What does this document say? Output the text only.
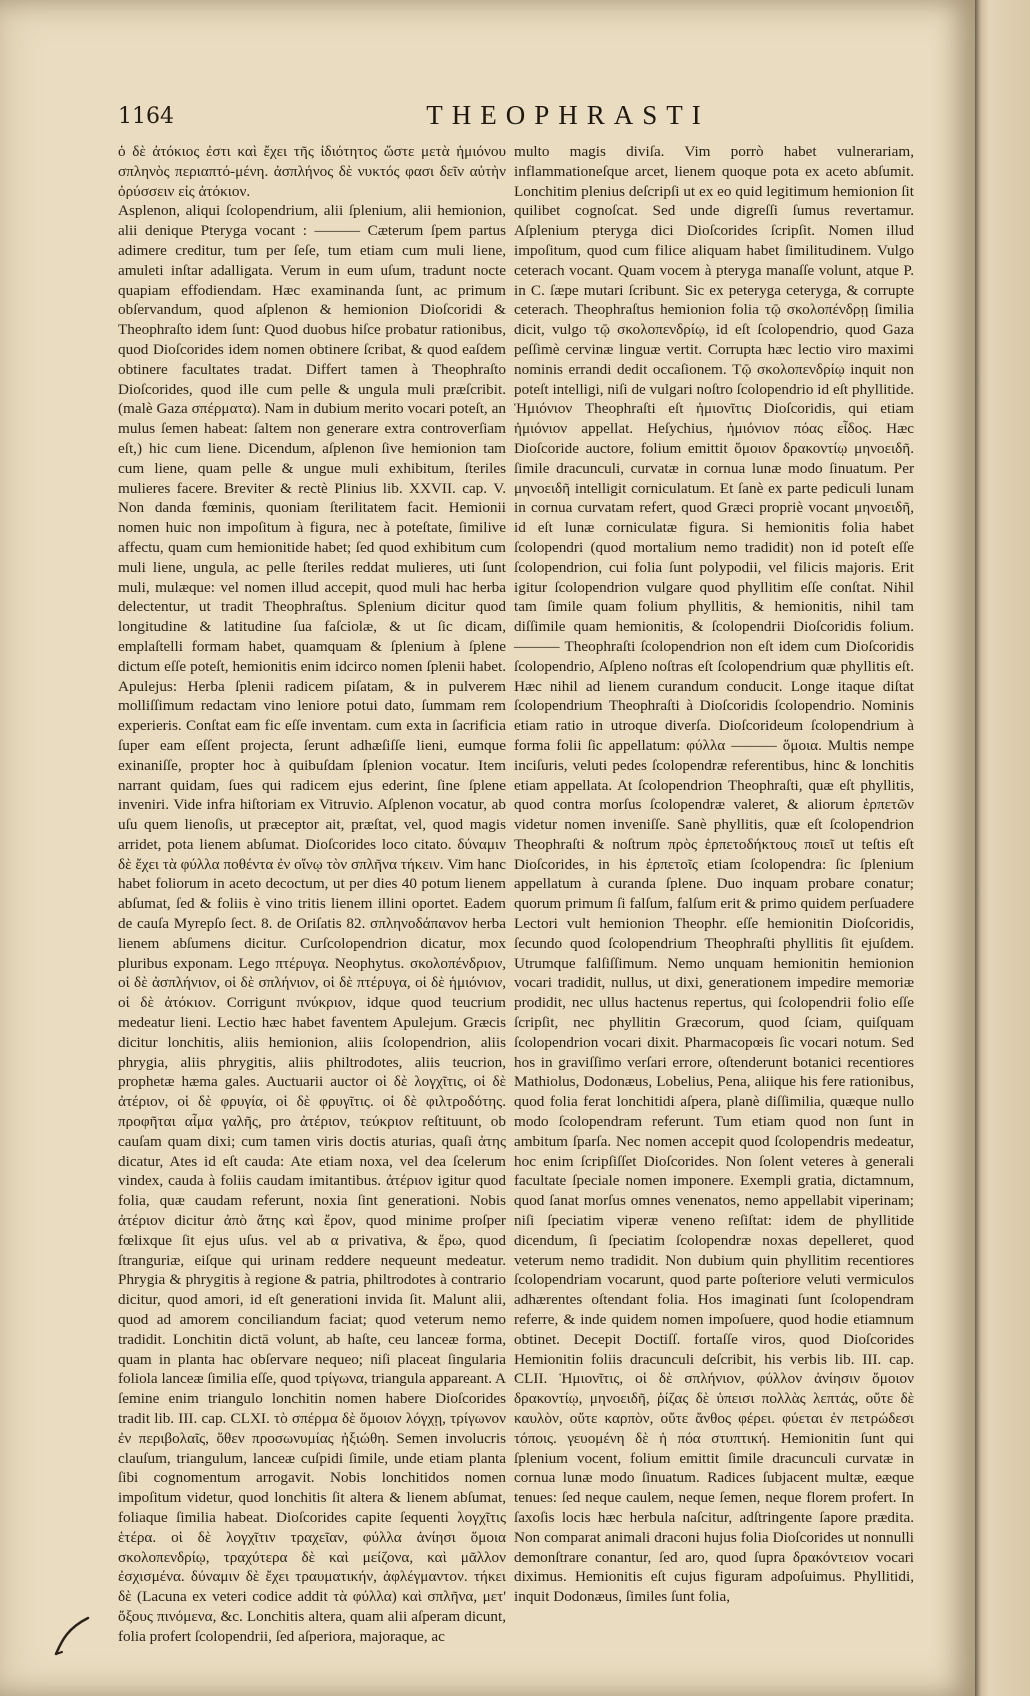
1164	THEOPHRASTI

ὁ δὲ ἀτόκιος ἐστι καὶ ἔχει τῆς ἰδιότητος ὥστε μετὰ ἡμιόνου σπληνὸς περιαπτό-μένη. ἀσπλήνος δὲ νυκτός φασι δεῖν αὐτὴν ὀρύσσειν εἰς ἀτόκιον.

Asplenon, aliqui ſcolopendrium, alii ſplenium, alii hemionion, alii denique Pteryga vocant : ——— Cæterum ſpem partus adimere creditur, tum per ſeſe, tum etiam cum muli liene, amuleti inſtar adalligata. Verum in eum uſum, tradunt nocte quapiam effodiendam. Hæc examinanda ſunt, ac primum obſervandum, quod aſplenon & hemionion Dioſcoridi & Theophraſto idem ſunt: Quod duobus hiſce probatur rationibus, quod Dioſcorides idem nomen obtinere ſcribat, & quod eaſdem obtinere facultates tradat. Differt tamen à Theophraſto Dioſcorides, quod ille cum pelle & ungula muli præſcribit. (malè Gaza σπέρματα). Nam in dubium merito vocari poteſt, an mulus ſemen habeat: ſaltem non generare extra controverſiam eſt,) hic cum liene. Dicendum, aſplenon ſive hemionion tam cum liene, quam pelle & ungue muli exhibitum, ſteriles mulieres facere. Breviter & rectè Plinius lib. XXVII. cap. V. Non danda fœminis, quoniam ſterilitatem facit. Hemionii nomen huic non impoſitum à figura, nec à poteſtate, ſimilive affectu, quam cum hemionitide habet; ſed quod exhibitum cum muli liene, ungula, ac pelle ſteriles reddat mulieres, uti ſunt muli, mulæque: vel nomen illud accepit, quod muli hac herba delectentur, ut tradit Theophraſtus. Splenium dicitur quod longitudine & latitudine ſua faſciolæ, & ut ſic dicam, emplaſtelli formam habet, quamquam & ſplenium à ſplene dictum eſſe poteſt, hemionitis enim idcirco nomen ſplenii habet. Apulejus: Herba ſplenii radicem piſatam, & in pulverem molliſſimum redactam vino leniore potui dato, ſummam rem experieris. Conſtat eam fic eſſe inventam. cum exta in ſacrificia ſuper eam eſſent projecta, ſerunt adhæſiſſe lieni, eumque exinaniſſe, propter hoc à quibuſdam ſplenion vocatur. Item narrant quidam, ſues qui radicem ejus ederint, ſine ſplene inveniri. Vide infra hiſtoriam ex Vitruvio. Aſplenon vocatur, ab uſu quem lienoſis, ut præceptor ait, præſtat, vel, quod magis arridet, pota lienem abſumat. Dioſcorides loco citato. δύναμιν δὲ ἔχει τὰ φύλλα ποθέντα ἐν οἴνῳ τὸν σπλῆνα τήκειν. Vim hanc habet foliorum in aceto decoctum, ut per dies 40 potum lienem abſumat, ſed & foliis è vino tritis lienem illini oportet. Eadem de cauſa Myrepſo ſect. 8. de Oriſatis 82. σπληνοδάπανον herba lienem abſumens dicitur. Curſcolopendrion dicatur, mox pluribus exponam. Lego πτέρυγα. Neophytus. σκολοπένδριον, οἱ δὲ ἀσπλήνιον, οἱ δὲ σπλήνιον, οἱ δὲ πτέρυγα, οἱ δὲ ἡμιόνιον, οἱ δὲ ἀτόκιον. Corrigunt πνύκριον, idque quod teucrium medeatur lieni. Lectio hæc habet faventem Apulejum. Græcis dicitur lonchitis, aliis hemionion, aliis ſcolopendrion, aliis phrygia, aliis phrygitis, aliis philtrodotes, aliis teucrion, prophetæ hæma gales. Auctuarii auctor οἱ δὲ λογχῖτις, οἱ δὲ ἀτέριον, οἱ δὲ φρυγία, οἱ δὲ φρυγῖτις. οἱ δὲ φιλτροδότης. προφῆται αἷμα γαλῆς, pro ἀτέριον, τεύκριον reſtituunt, ob cauſam quam dixi; cum tamen viris doctis aturias, quaſi ἀτης dicatur, Ates id eſt cauda: Ate etiam noxa, vel dea ſcelerum vindex, cauda à foliis caudam imitantibus. ἀτέριον igitur quod folia, quæ caudam referunt, noxia ſint generationi. Nobis ἀτέριον dicitur ἀπὸ ἄτης καὶ ἔρον, quod minime proſper fœlixque ſit ejus uſus. vel ab α privativa, & ἔρω, quod ſtranguriæ, eiſque qui urinam reddere nequeunt medeatur. Phrygia & phrygitis à regione & patria, philtrodotes à contrario dicitur, quod amori, id eſt generationi invida ſit. Malunt alii, quod ad amorem conciliandum faciat; quod veterum nemo tradidit. Lonchitin dictā volunt, ab haſte, ceu lanceæ forma, quam in planta hac obſervare nequeo; niſi placeat ſingularia foliola lanceæ ſimilia eſſe, quod τρίγωνα, triangula appareant. A ſemine enim triangulo lonchitin nomen habere Dioſcorides tradit lib. III. cap. CLXI. τὸ σπέρμα δὲ ὅμοιον λόγχῃ, τρίγωνον ἐν περιβολαῖς, ὅθεν προσωνυμίας ἠξιώθη. Semen involucris clauſum, triangulum, lanceæ cuſpidi ſimile, unde etiam planta ſibi cognomentum arrogavit. Nobis lonchitidos nomen impoſitum videtur, quod lonchitis ſit altera & lienem abſumat, foliaque ſimilia habeat. Dioſcorides capite ſequenti λογχῖτις ἑτέρα. οἱ δὲ λογχῖτιν τραχεῖαν, φύλλα ἀνίησι ὅμοια σκολοπενδρίῳ, τραχύτερα δὲ καὶ μείζονα, καὶ μᾶλλον ἐσχισμένα. δύναμιν δὲ ἔχει τραυματικήν, ἀφλέγμαντον. τήκει δὲ (Lacuna ex veteri codice addit τὰ φύλλα) καὶ σπλῆνα, μετ' ὄξους πινόμενα, &c. Lonchitis altera, quam alii aſperam dicunt, folia profert ſcolopendrii, ſed aſperiora, majoraque, ac

multo magis diviſa. Vim porrò habet vulnerariam, inflammationeſque arcet, lienem quoque pota ex aceto abſumit. Lonchitim plenius deſcripſi ut ex eo quid legitimum hemionion ſit quilibet cognoſcat. Sed unde digreſſi ſumus revertamur. Aſplenium pteryga dici Dioſcorides ſcripſit. Nomen illud impoſitum, quod cum filice aliquam habet ſimilitudinem. Vulgo ceterach vocant. Quam vocem à pteryga manaſſe volunt, atque P. in C. ſæpe mutari ſcribunt. Sic ex peteryga ceteryga, & corrupte ceterach. Theophraſtus hemionion folia τῷ σκολοπένδρῃ ſimilia dicit, vulgo τῷ σκολοπενδρίῳ, id eſt ſcolopendrio, quod Gaza peſſimè cervinæ linguæ vertit. Corrupta hæc lectio viro maximi nominis errandi dedit occaſionem. Τῷ σκολοπενδρίῳ inquit non poteſt intelligi, niſi de vulgari noſtro ſcolopendrio id eſt phyllitide. Ἡμιόνιον Theophraſti eſt ἡμιονῖτις Dioſcoridis, qui etiam ἡμιόνιον appellat. Heſychius, ἡμιόνιον πόας εἶδος. Hæc Dioſcoride auctore, folium emittit ὅμοιον δρακοντίῳ μηνοειδῆ. ſimile dracunculi, curvatæ in cornua lunæ modo ſinuatum. Per μηνοειδῆ intelligit corniculatum. Et ſanè ex parte pediculi lunam in cornua curvatam refert, quod Græci propriè vocant μηνοειδῆ, id eſt lunæ corniculatæ figura. Si hemionitis folia habet ſcolopendri (quod mortalium nemo tradidit) non id poteſt eſſe ſcolopendrion, cui folia ſunt polypodii, vel filicis majoris. Erit igitur ſcolopendrion vulgare quod phyllitim eſſe conſtat. Nihil tam ſimile quam folium phyllitis, & hemionitis, nihil tam diſſimile quam hemionitis, & ſcolopendrii Dioſcoridis folium. ——— Theophraſti ſcolopendrion non eſt idem cum Dioſcoridis ſcolopendrio, Aſpleno noſtras eſt ſcolopendrium quæ phyllitis eſt. Hæc nihil ad lienem curandum conducit. Longe itaque diſtat ſcolopendrium Theophraſti à Dioſcoridis ſcolopendrio. Nominis etiam ratio in utroque diverſa. Dioſcorideum ſcolopendrium à forma folii ſic appellatum: φύλλα ——— ὅμοια. Multis nempe inciſuris, veluti pedes ſcolopendræ referentibus, hinc & lonchitis etiam appellata. At ſcolopendrion Theophraſti, quæ eſt phyllitis, quod contra morſus ſcolopendræ valeret, & aliorum ἑρπετῶν videtur nomen inveniſſe. Sanè phyllitis, quæ eſt ſcolopendrion Theophraſti & noſtrum πρὸς ἑρπετοδήκτους ποιεῖ ut teſtis eſt Dioſcorides, in his ἑρπετοῖς etiam ſcolopendra: ſic ſplenium appellatum à curanda ſplene. Duo inquam probare conatur; quorum primum ſi falſum, falſum erit & primo quidem perſuadere Lectori vult hemionion Theophr. eſſe hemionitin Dioſcoridis, ſecundo quod ſcolopendrium Theophraſti phyllitis ſit ejuſdem. Utrumque falſiſſimum. Nemo unquam hemionitin hemionion vocari tradidit, nullus, ut dixi, generationem impedire memoriæ prodidit, nec ullus hactenus repertus, qui ſcolopendrii folio eſſe ſcripſit, nec phyllitin Græcorum, quod ſciam, quiſquam ſcolopendrion vocari dixit. Pharmacopœis ſic vocari notum. Sed hos in graviſſimo verſari errore, oſtenderunt botanici recentiores Mathiolus, Dodonæus, Lobelius, Pena, aliique his fere rationibus, quod folia ferat lonchitidi aſpera, planè diſſimilia, quæque nullo modo ſcolopendram referunt. Tum etiam quod non ſunt in ambitum ſparſa. Nec nomen accepit quod ſcolopendris medeatur, hoc enim ſcripſiſſet Dioſcorides. Non ſolent veteres à generali facultate ſpeciale nomen imponere. Exempli gratia, dictamnum, quod ſanat morſus omnes venenatos, nemo appellabit viperinam; niſi ſpeciatim viperæ veneno reſiſtat: idem de phyllitide dicendum, ſi ſpeciatim ſcolopendræ noxas depelleret, quod veterum nemo tradidit. Non dubium quin phyllitim recentiores ſcolopendriam vocarunt, quod parte poſteriore veluti vermiculos adhærentes oſtendant folia. Hos imaginati ſunt ſcolopendram referre, & inde quidem nomen impoſuere, quod hodie etiamnum obtinet. Decepit Doctiſſ. fortaſſe viros, quod Dioſcorides Hemionitin foliis dracunculi deſcribit, his verbis lib. III. cap. CLII. Ἡμιονῖτις, οἱ δὲ σπλήνιον, φύλλον ἀνίησιν ὅμοιον δρακοντίῳ, μηνοειδῆ, ῥίζας δὲ ὑπεισι πολλὰς λεπτάς, οὔτε δὲ καυλὸν, οὔτε καρπὸν, οὔτε ἄνθος φέρει. φύεται ἐν πετρώδεσι τόποις. γευομένη δὲ ἡ πόα στυπτική. Hemionitin ſunt qui ſplenium vocent, folium emittit ſimile dracunculi curvatæ in cornua lunæ modo ſinuatum. Radices ſubjacent multæ, eæque tenues: ſed neque caulem, neque ſemen, neque florem profert. In ſaxoſis locis hæc herbula naſcitur, adſtringente ſapore prædita. Non comparat animali draconi hujus folia Dioſcorides ut nonnulli demonſtrare conantur, ſed aro, quod ſupra δρακόντειον vocari diximus. Hemionitis eſt cujus figuram adpoſuimus. Phyllitidi, inquit Dodonæus, ſimiles ſunt folia,
